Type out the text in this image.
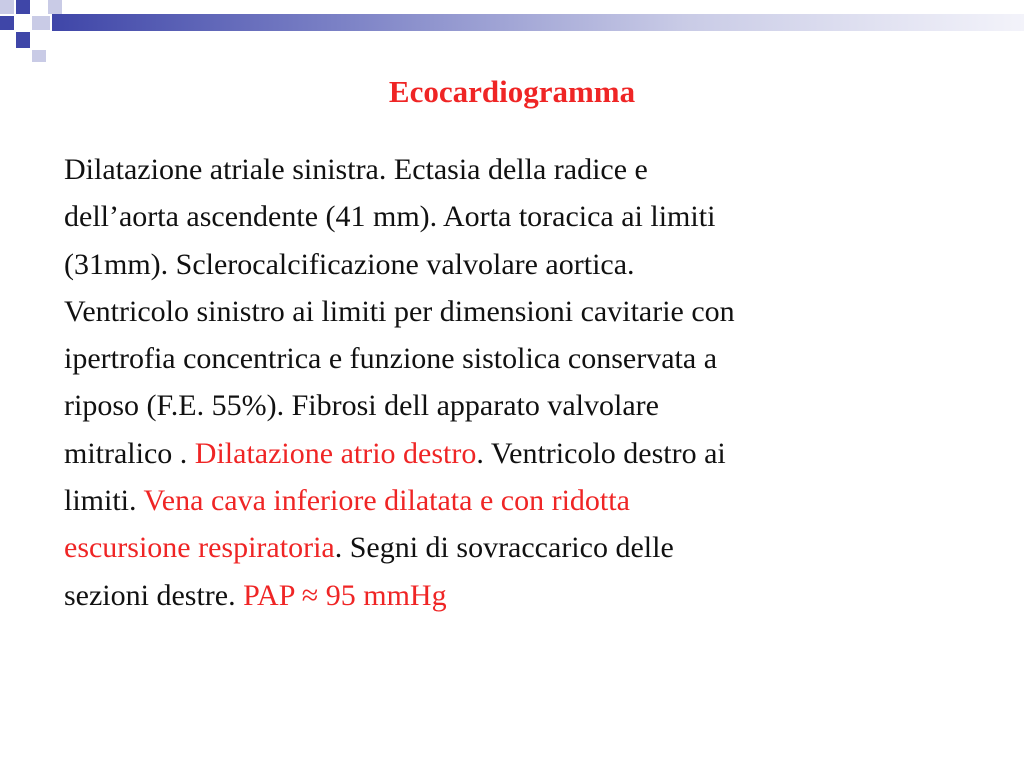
Ecocardiogramma
Dilatazione atriale sinistra. Ectasia della radice e
dell’aorta ascendente (41 mm). Aorta toracica ai limiti
(31mm). Sclerocalcificazione valvolare aortica.
Ventricolo sinistro ai limiti per dimensioni cavitarie con
ipertrofia concentrica e funzione sistolica conservata a
riposo (F.E. 55%). Fibrosi dell apparato valvolare
mitralico . Dilatazione atrio destro. Ventricolo destro ai
limiti. Vena cava inferiore dilatata e con ridotta
escursione respiratoria. Segni di sovraccarico delle
sezioni destre. PAP ≈ 95 mmHg
